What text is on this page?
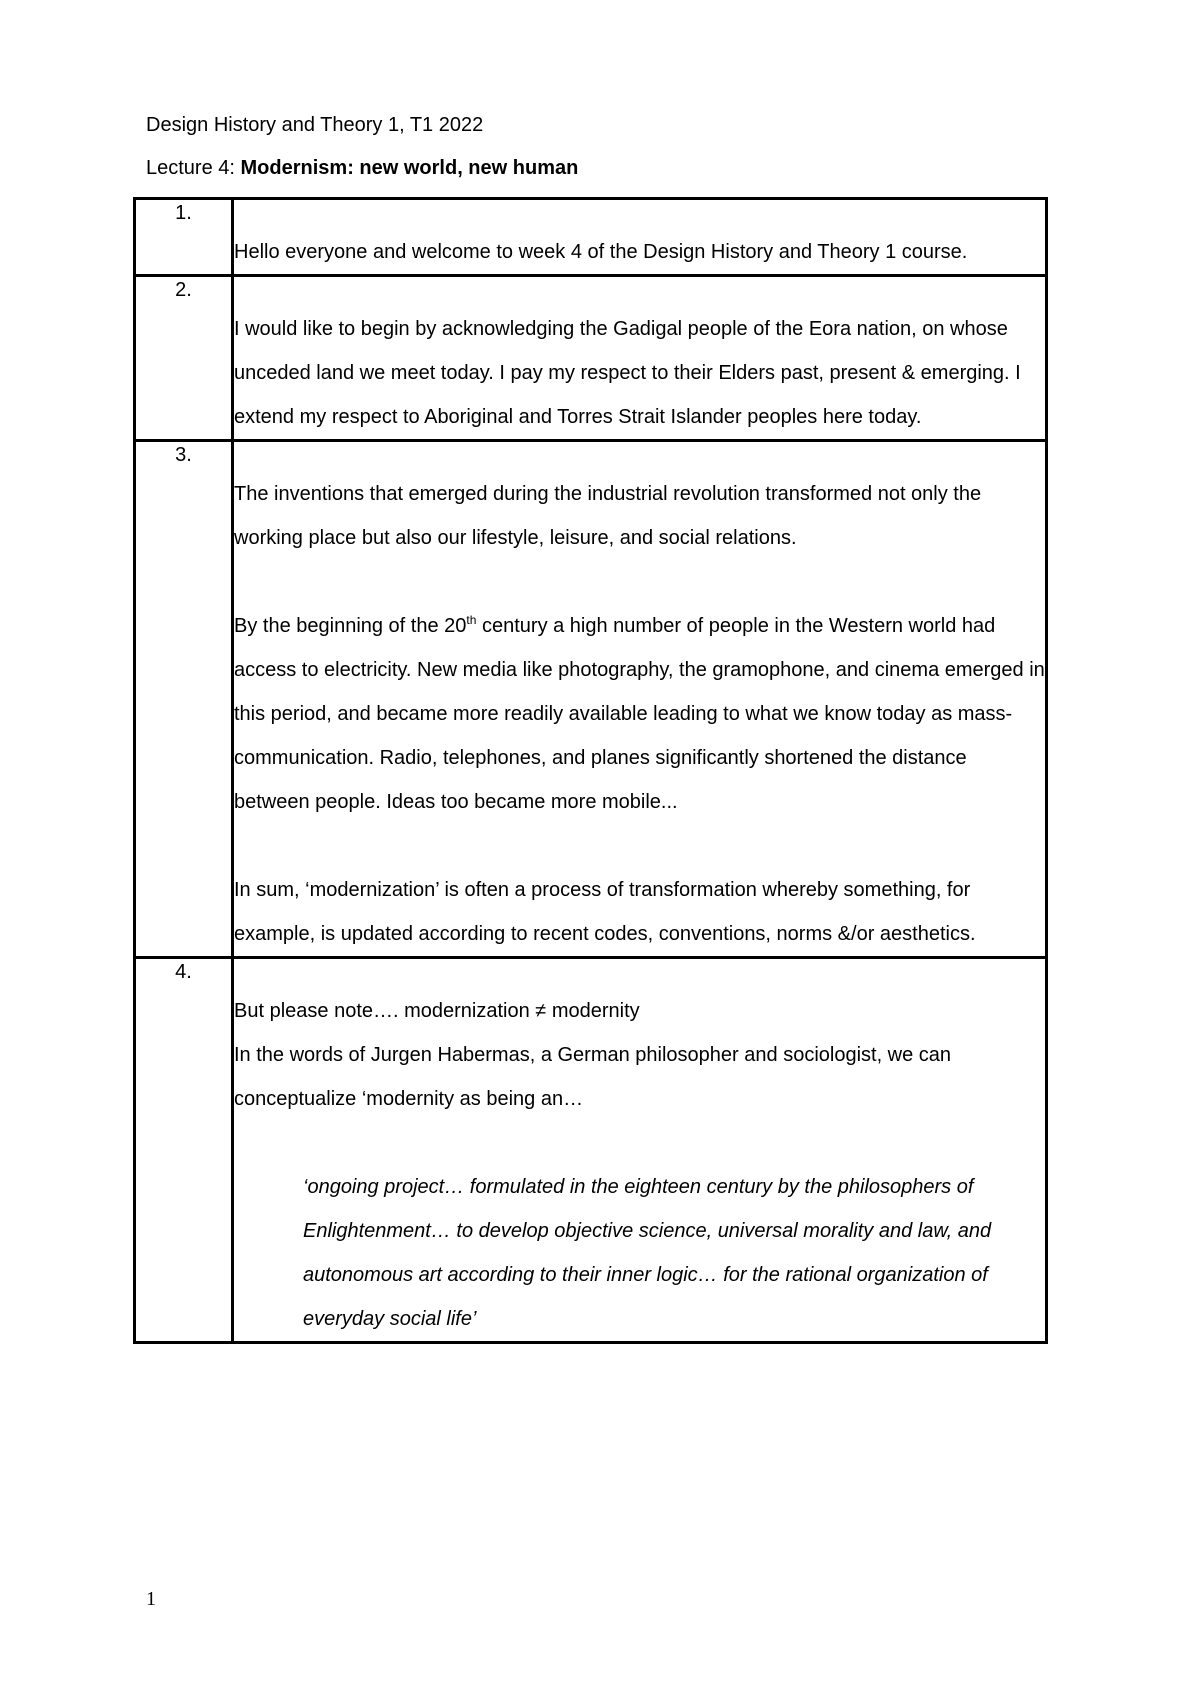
Design History and Theory 1, T1 2022
Lecture 4: Modernism: new world, new human
1.	Hello everyone and welcome to week 4 of the Design History and Theory 1 course.

2.	I would like to begin by acknowledging the Gadigal people of the Eora nation, on whose unceded land we meet today. I pay my respect to their Elders past, present & emerging. I extend my respect to Aboriginal and Torres Strait Islander peoples here today.

3.	The inventions that emerged during the industrial revolution transformed not only the working place but also our lifestyle, leisure, and social relations.

By the beginning of the 20th century a high number of people in the Western world had access to electricity. New media like photography, the gramophone, and cinema emerged in this period, and became more readily available leading to what we know today as mass-communication. Radio, telephones, and planes significantly shortened the distance between people. Ideas too became more mobile...

In sum, ‘modernization’ is often a process of transformation whereby something, for example, is updated according to recent codes, conventions, norms &/or aesthetics.

4.	But please note…. modernization ≠ modernity

In the words of Jurgen Habermas, a German philosopher and sociologist, we can conceptualize ‘modernity as being an…

‘ongoing project… formulated in the eighteen century by the philosophers of Enlightenment… to develop objective science, universal morality and law, and autonomous art according to their inner logic… for the rational organization of everyday social life’

1
